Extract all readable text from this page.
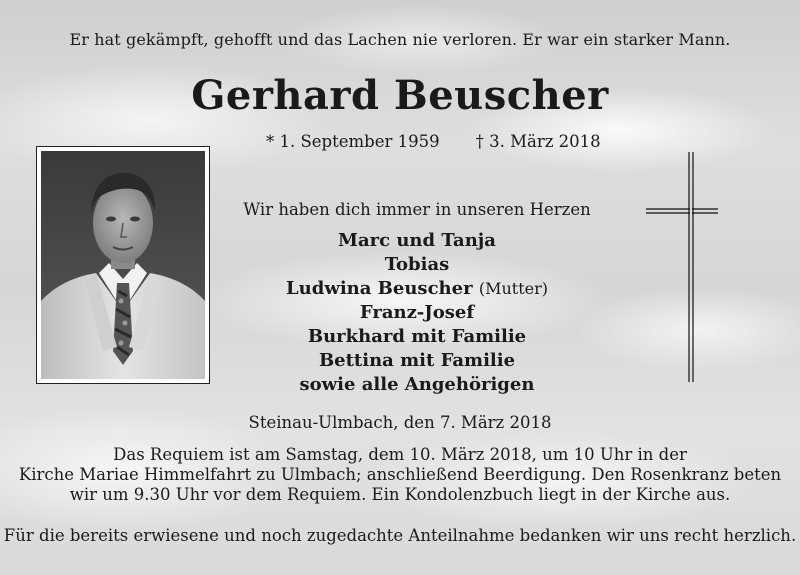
Er hat gekämpft, gehofft und das Lachen nie verloren. Er war ein starker Mann.
Gerhard Beuscher
* 1. September 1959 † 3. März 2018
Wir haben dich immer in unseren Herzen
Marc und Tanja
Tobias
Ludwina Beuscher (Mutter)
Franz-Josef
Burkhard mit Familie
Bettina mit Familie
sowie alle Angehörigen
Steinau-Ulmbach, den 7. März 2018
Das Requiem ist am Samstag, dem 10. März 2018, um 10 Uhr in der
Kirche Mariae Himmelfahrt zu Ulmbach; anschließend Beerdigung. Den Rosenkranz beten
wir um 9.30 Uhr vor dem Requiem. Ein Kondolenzbuch liegt in der Kirche aus.
Für die bereits erwiesene und noch zugedachte Anteilnahme bedanken wir uns recht herzlich.
